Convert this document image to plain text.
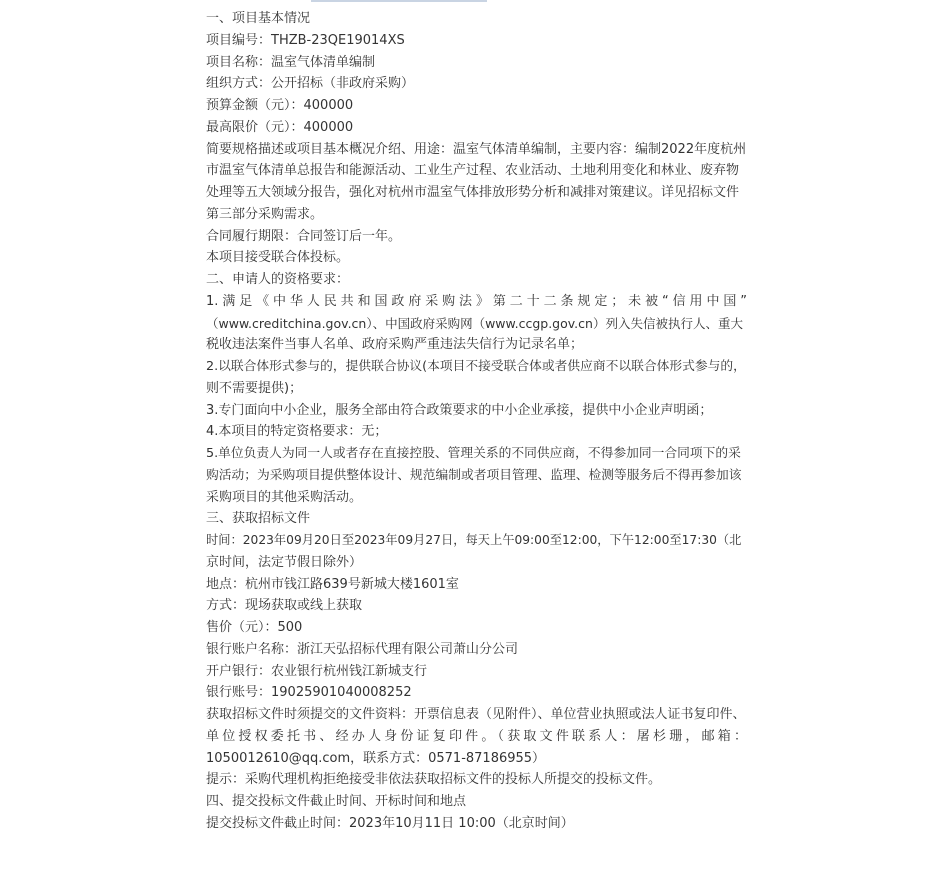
一、项目基本情况
项目编号：THZB-23QE19014XS
项目名称：温室气体清单编制
组织方式：公开招标（非政府采购）
预算金额（元）：400000
最高限价（元）：400000
简要规格描述或项目基本概况介绍、用途：温室气体清单编制，主要内容：编制2022年度杭州
市温室气体清单总报告和能源活动、工业生产过程、农业活动、土地利用变化和林业、废弃物
处理等五大领域分报告，强化对杭州市温室气体排放形势分析和减排对策建议。详见招标文件
第三部分采购需求。
合同履行期限：合同签订后一年。
本项目接受联合体投标。
二、申请人的资格要求：
1.满足《中华人民共和国政府采购法》第二十二条规定；未被“信用中国”
（www.creditchina.gov.cn）、中国政府采购网（www.ccgp.gov.cn）列入失信被执行人、重大
税收违法案件当事人名单、政府采购严重违法失信行为记录名单；
2.以联合体形式参与的，提供联合协议(本项目不接受联合体或者供应商不以联合体形式参与的，
则不需要提供)；
3.专门面向中小企业，服务全部由符合政策要求的中小企业承接，提供中小企业声明函；
4.本项目的特定资格要求：无；
5.单位负责人为同一人或者存在直接控股、管理关系的不同供应商，不得参加同一合同项下的采
购活动；为采购项目提供整体设计、规范编制或者项目管理、监理、检测等服务后不得再参加该
采购项目的其他采购活动。
三、获取招标文件
时间：2023年09月20日至2023年09月27日，每天上午09:00至12:00，下午12:00至17:30（北
京时间，法定节假日除外）
地点：杭州市钱江路639号新城大楼1601室
方式：现场获取或线上获取
售价（元）：500
银行账户名称：浙江天弘招标代理有限公司萧山分公司
开户银行：农业银行杭州钱江新城支行
银行账号：19025901040008252
获取招标文件时须提交的文件资料：开票信息表（见附件）、单位营业执照或法人证书复印件、
单位授权委托书、经办人身份证复印件。（获取文件联系人：屠杉珊，邮箱：
1050012610@qq.com，联系方式：0571-87186955）
提示：采购代理机构拒绝接受非依法获取招标文件的投标人所提交的投标文件。
四、提交投标文件截止时间、开标时间和地点
提交投标文件截止时间：2023年10月11日 10:00（北京时间）
